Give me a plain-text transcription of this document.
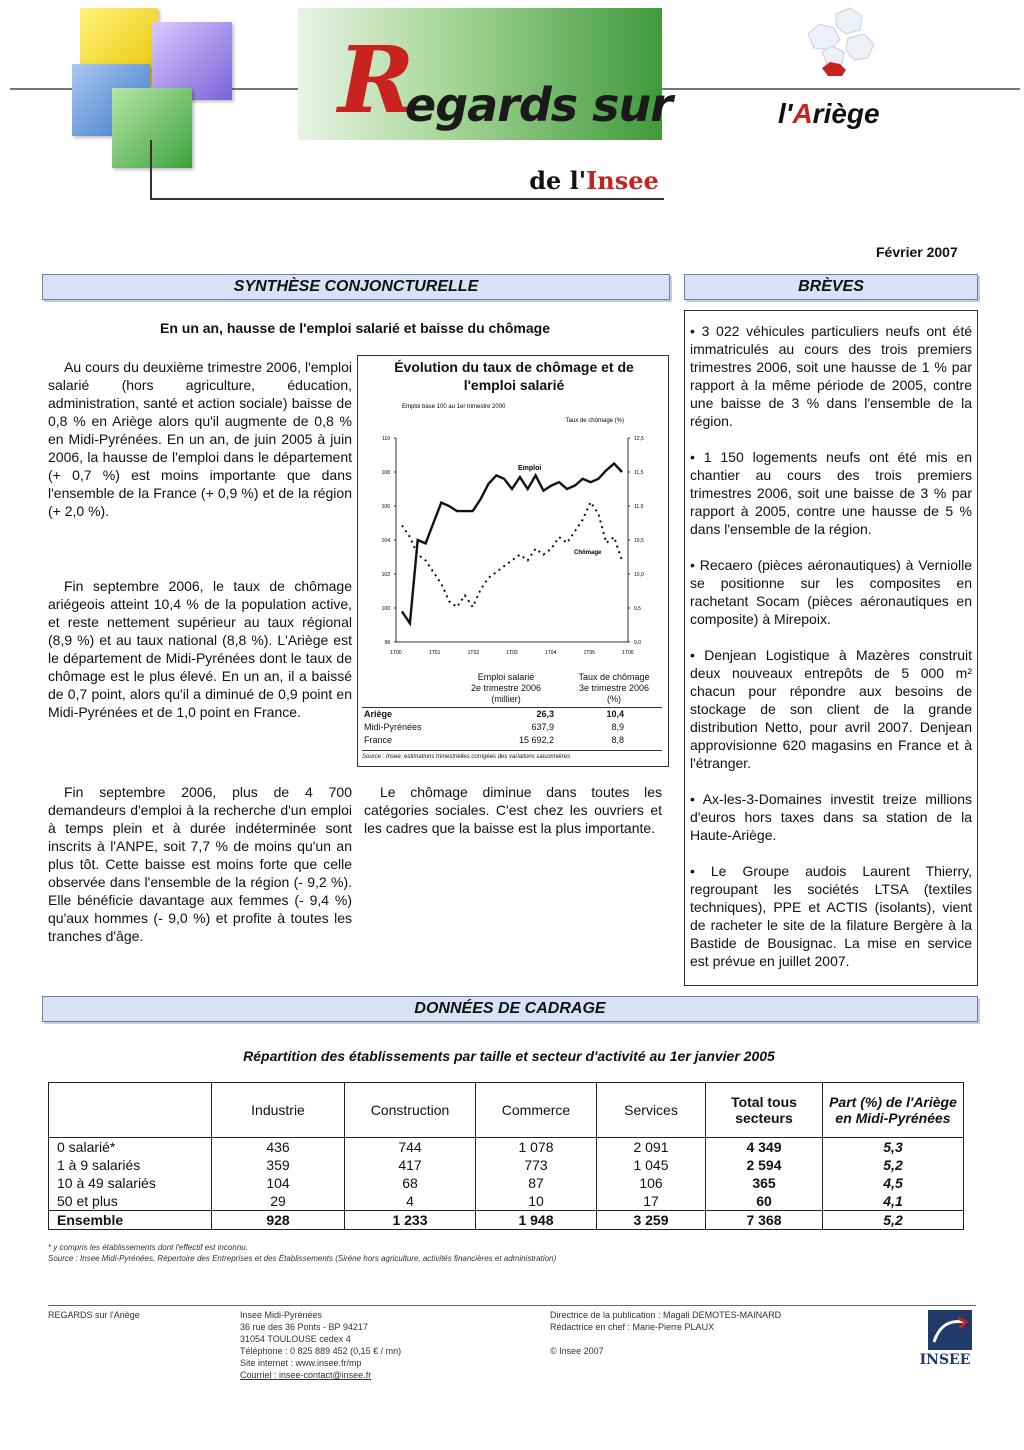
R
egards sur
de l'Insee
l'Ariège
Février 2007
SYNTHÈSE CONJONCTURELLE
En un an, hausse de l'emploi salarié et baisse du chômage
Au cours du deuxième trimestre 2006, l'emploi salarié (hors agriculture, éducation, administration, santé et action sociale) baisse de 0,8 % en Ariège alors qu'il augmente de 0,8 % en Midi-Pyrénées. En un an, de juin 2005 à juin 2006, la hausse de l'emploi dans le département (+ 0,7 %) est moins importante que dans l'ensemble de la France (+ 0,9 %) et de la région (+ 2,0 %).
Fin septembre 2006, le taux de chômage ariégeois atteint 10,4 % de la population active, et reste nettement supérieur au taux régional (8,9 %) et au taux national (8,8 %). L'Ariège est le département de Midi-Pyrénées dont le taux de chômage est le plus élevé. En un an, il a baissé de 0,7 point, alors qu'il a diminué de 0,9 point en Midi-Pyrénées et de 1,0 point en France.
Fin septembre 2006, plus de 4 700 demandeurs d'emploi à la recherche d'un emploi à temps plein et à durée indéterminée sont inscrits à l'ANPE, soit 7,7 % de moins qu'un an plus tôt. Cette baisse est moins forte que celle observée dans l'ensemble de la région (- 9,2 %). Elle bénéficie davantage aux femmes (- 9,4 %) qu'aux hommes (- 9,0 %) et profite à toutes les tranches d'âge.
Le chômage diminue dans toutes les catégories sociales. C'est chez les ouvriers et les cadres que la baisse est la plus importante.
Évolution du taux de chômage et de l'emploi salarié
Emploi base 100 au 1er trimestre 2000
Taux de chômage (%)
110
108
106
104
102
100
98
12,5
11,5
11,0
10,5
10,0
9,5
9,0
1T00	1T01	1T02	1T03	1T04	1T05	1T06
Emploi
Chômage
Emploi salarié
2e trimestre 2006
(millier)
Taux de chômage
3e trimestre 2006
(%)
Ariège	26,3	10,4
Midi-Pyrénées	637,9	8,9
France	15 692,2	8,8
Source : Insee, estimations trimestrielles corrigées des variations saisonnières
BRÈVES
• 3 022 véhicules particuliers neufs ont été immatriculés au cours des trois premiers trimestres 2006, soit une hausse de 1 % par rapport à la même période de 2005, contre une baisse de 3 % dans l'ensemble de la région.
• 1 150 logements neufs ont été mis en chantier au cours des trois premiers trimestres 2006, soit une baisse de 3 % par rapport à 2005, contre une hausse de 5 % dans l'ensemble de la région.
• Recaero (pièces aéronautiques) à Verniolle se positionne sur les composites en rachetant Socam (pièces aéronautiques en composite) à Mirepoix.
• Denjean Logistique à Mazères construit deux nouveaux entrepôts de 5 000 m² chacun pour répondre aux besoins de stockage de son client de la grande distribution Netto, pour avril 2007. Denjean approvisionne 620 magasins en France et à l'étranger.
• Ax-les-3-Domaines investit treize millions d'euros hors taxes dans sa station de la Haute-Ariège.
• Le Groupe audois Laurent Thierry, regroupant les sociétés LTSA (textiles techniques), PPE et ACTIS (isolants), vient de racheter le site de la filature Bergère à la Bastide de Bousignac. La mise en service est prévue en juillet 2007.
DONNÉES DE CADRAGE
Répartition des établissements par taille et secteur d'activité au 1er janvier 2005
	Industrie	Construction	Commerce	Services	Total tous secteurs	Part (%) de l'Ariège en Midi-Pyrénées
0 salarié*	436	744	1 078	2 091	4 349	5,3
1 à 9 salariés	359	417	773	1 045	2 594	5,2
10 à 49 salariés	104	68	87	106	365	4,5
50 et plus	29	4	10	17	60	4,1
Ensemble	928	1 233	1 948	3 259	7 368	5,2
* y compris les établissements dont l'effectif est inconnu.
Source : Insee Midi-Pyrénées, Répertoire des Entreprises et des Établissements (Sirène hors agriculture, activités financières et administration)
REGARDS sur l'Ariège	Insee Midi-Pyrénées
36 rue des 36 Ponts - BP 94217
31054 TOULOUSE cedex 4
Téléphone : 0 825 889 452 (0,15 € / mn)
Site internet : www.insee.fr/mp
Courriel : insee-contact@insee.fr
Directrice de la publication : Magali DEMOTES-MAINARD
Rédactrice en chef : Marie-Pierre PLAUX
© Insee 2007
INSEE
